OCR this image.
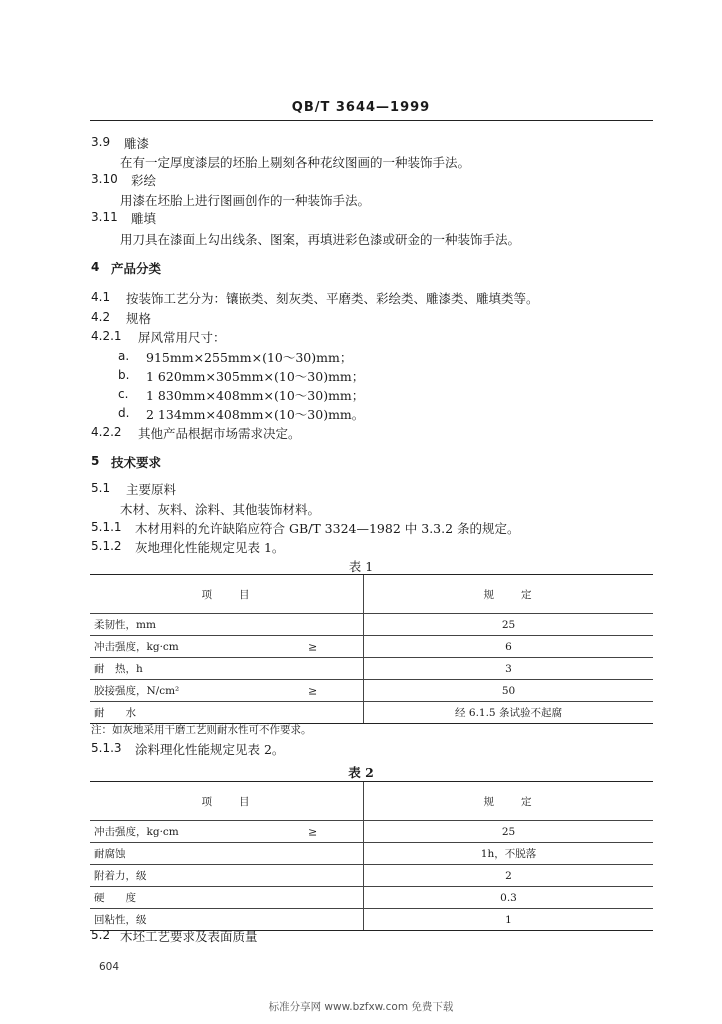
QB/T 3644—1999
3.9 雕漆
在有一定厚度漆层的坯胎上剔刻各种花纹图画的一种装饰手法。
3.10 彩绘
用漆在坯胎上进行图画创作的一种装饰手法。
3.11 雕填
用刀具在漆面上勾出线条、图案，再填进彩色漆或研金的一种装饰手法。
4 产品分类
4.1 按装饰工艺分为：镶嵌类、刻灰类、平磨类、彩绘类、雕漆类、雕填类等。
4.2 规格
4.2.1 屏风常用尺寸：
a. 915mm×255mm×(10～30)mm；
b. 1 620mm×305mm×(10～30)mm；
c. 1 830mm×408mm×(10～30)mm；
d. 2 134mm×408mm×(10～30)mm。
4.2.2 其他产品根据市场需求决定。
5 技术要求
5.1 主要原料
木材、灰料、涂料、其他装饰材料。
5.1.1 木材用料的允许缺陷应符合 GB/T 3324—1982 中 3.3.2 条的规定。
5.1.2 灰地理化性能规定见表 1。
表 1
项　　目	规　　定
柔韧性，mm	25
冲击强度，kg·cm ≥	6
耐　热，h	3
胶接强度，N/cm² ≥	50
耐　　水	经 6.1.5 条试验不起腐
注：如灰地采用干磨工艺则耐水性可不作要求。
5.1.3 涂料理化性能规定见表 2。
表 2
项　　目	规　　定
冲击强度，kg·cm ≥	25
耐腐蚀	1h，不脱落
附着力，级	2
硬　　度	0.3
回粘性，级	1
5.2 木坯工艺要求及表面质量
604
标准分享网 www.bzfxw.com 免费下载
